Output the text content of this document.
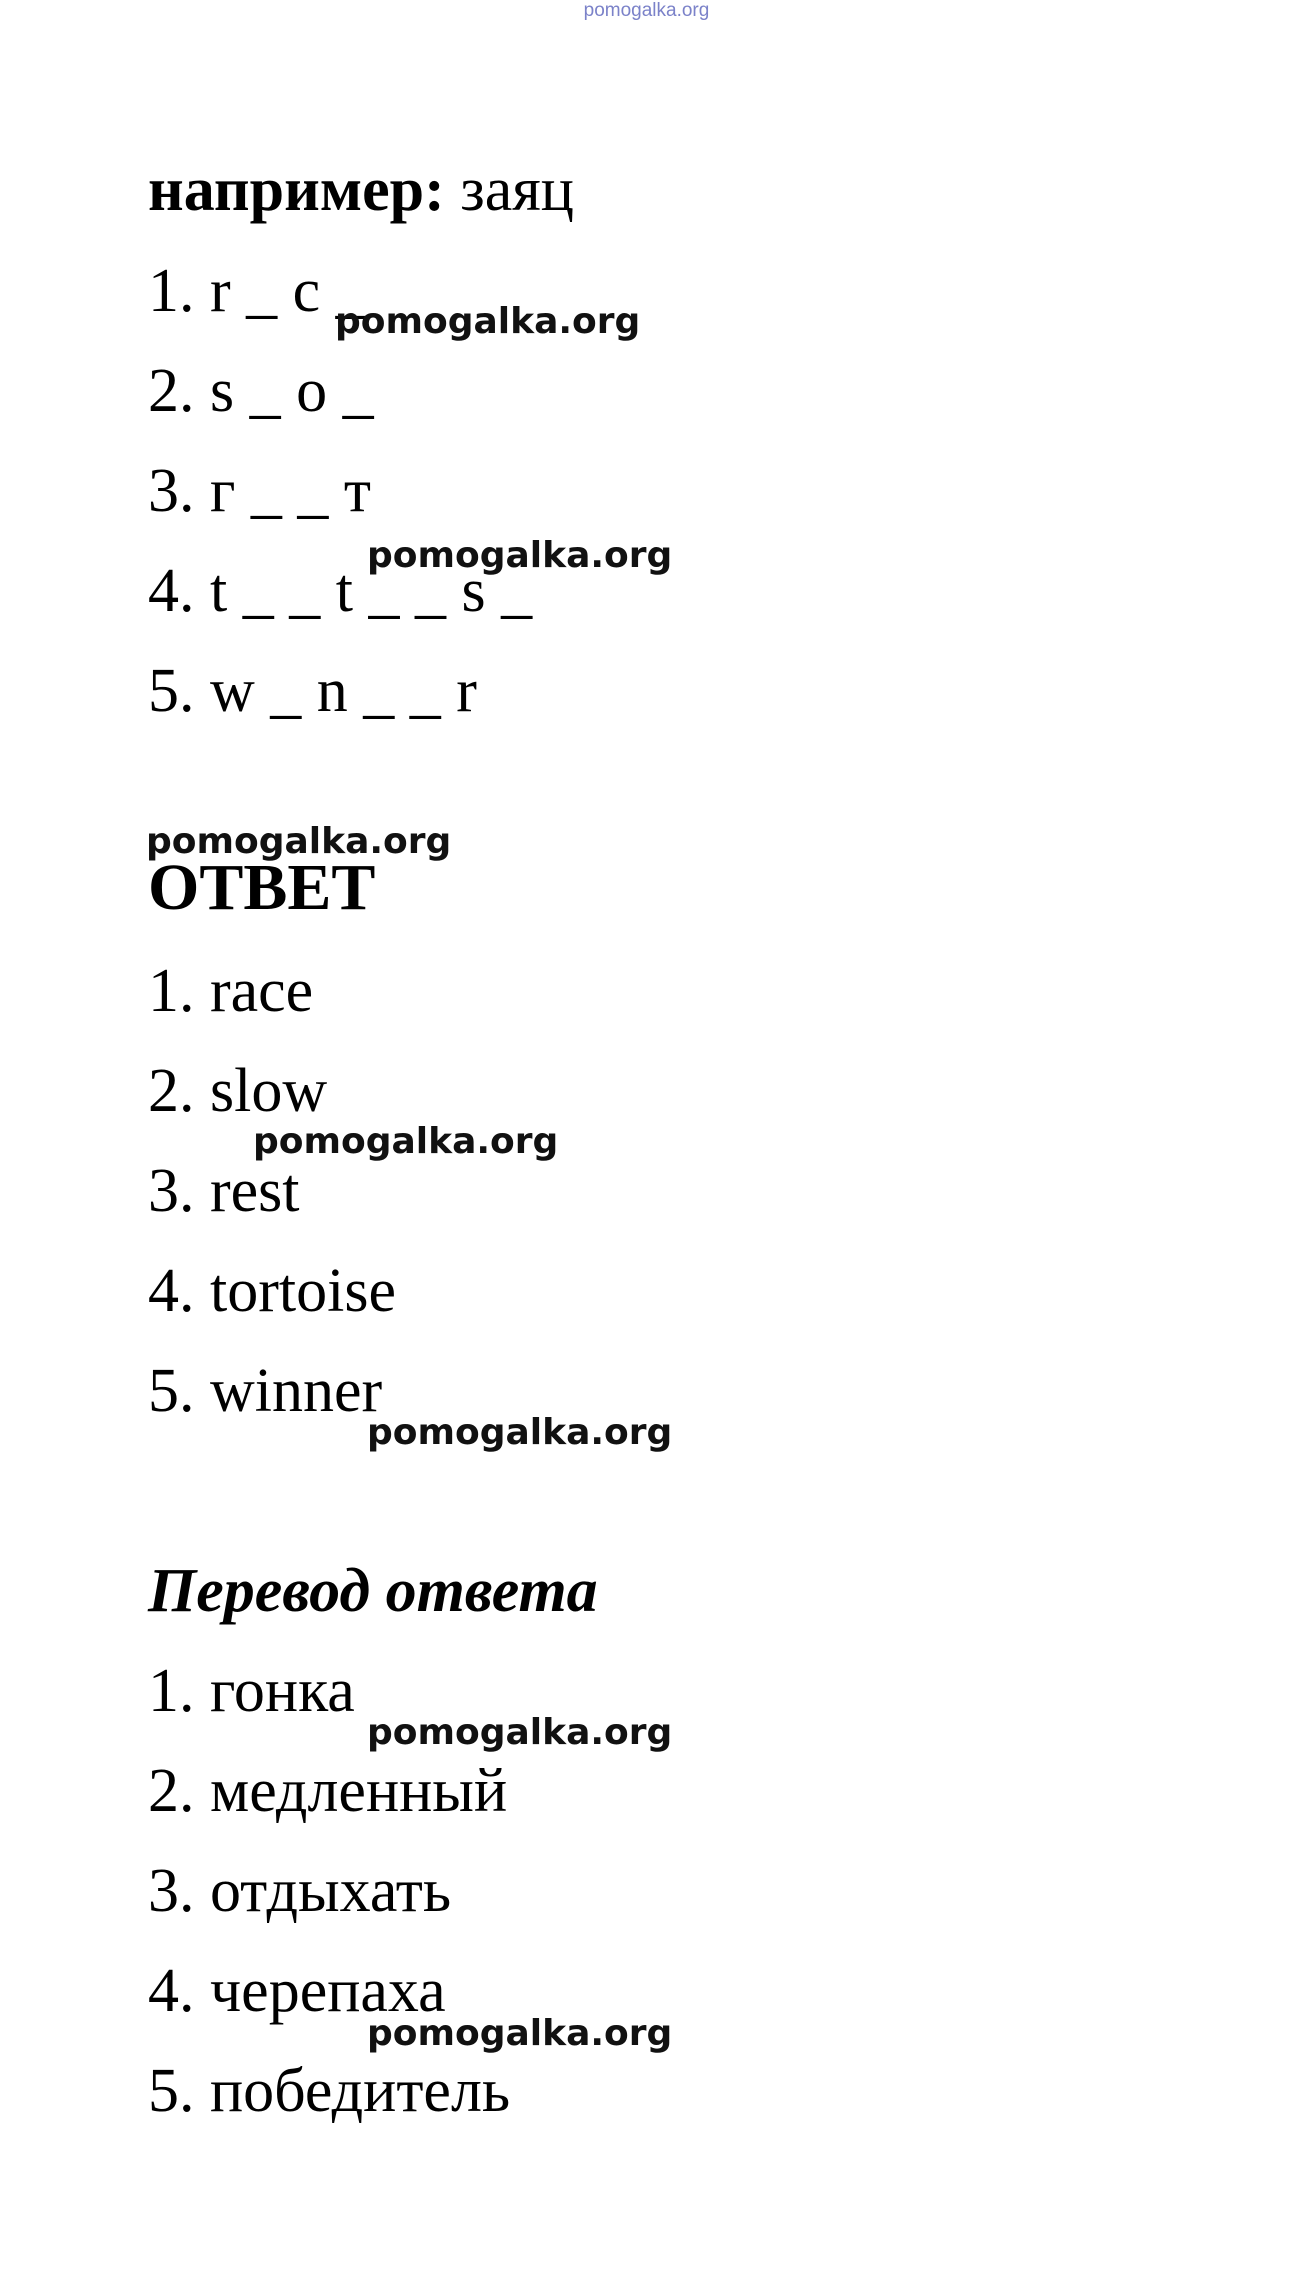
pomogalka.org
например: заяц
1. r _ c _
2. s _ o _
3. г _ _ т
4. t _ _ t _ _ s _
5. w _ n _ _ r
ОТВЕТ
1. race
2. slow
3. rest
4. tortoise
5. winner
Перевод ответа
1. гонка
2. медленный
3. отдыхать
4. черепаха
5. победитель
pomogalka.org
pomogalka.org
pomogalka.org
pomogalka.org
pomogalka.org
pomogalka.org
pomogalka.org
